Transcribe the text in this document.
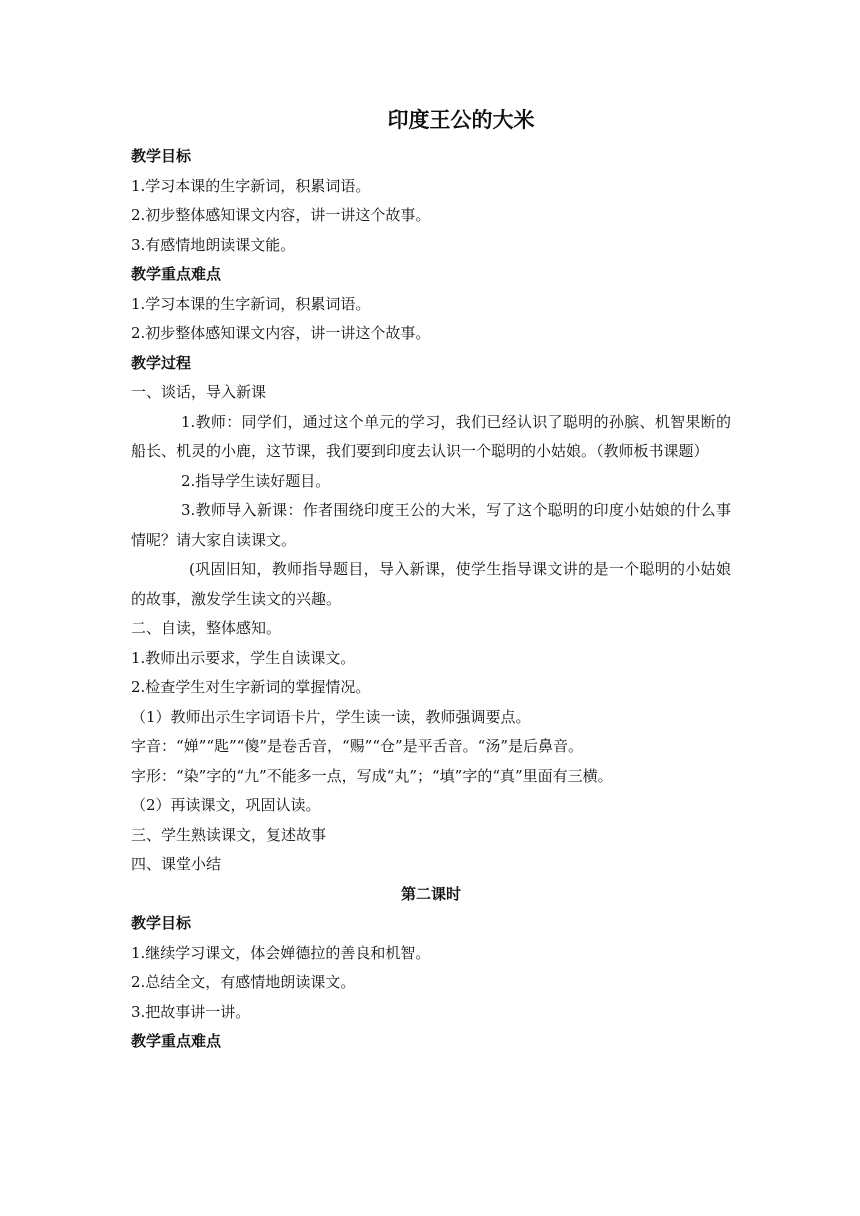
印度王公的大米
教学目标
1.学习本课的生字新词，积累词语。
2.初步整体感知课文内容，讲一讲这个故事。
3.有感情地朗读课文能。
教学重点难点
1.学习本课的生字新词，积累词语。
2.初步整体感知课文内容，讲一讲这个故事。
教学过程
一、谈话，导入新课
1.教师：同学们，通过这个单元的学习，我们已经认识了聪明的孙膑、机智果断的船长、机灵的小鹿，这节课，我们要到印度去认识一个聪明的小姑娘。（教师板书课题）
2.指导学生读好题目。
3.教师导入新课：作者围绕印度王公的大米，写了这个聪明的印度小姑娘的什么事情呢？请大家自读课文。
(巩固旧知，教师指导题目，导入新课，使学生指导课文讲的是一个聪明的小姑娘的故事，激发学生读文的兴趣。
二、自读，整体感知。
1.教师出示要求，学生自读课文。
2.检查学生对生字新词的掌握情况。
（1）教师出示生字词语卡片，学生读一读，教师强调要点。
字音：“婵”“匙”“傻”是卷舌音，“赐”“仓”是平舌音。“汤”是后鼻音。
字形：“染”字的“九”不能多一点，写成“丸”；“填”字的“真”里面有三横。
（2）再读课文，巩固认读。
三、学生熟读课文，复述故事
四、课堂小结
第二课时
教学目标
1.继续学习课文，体会婵德拉的善良和机智。
2.总结全文，有感情地朗读课文。
3.把故事讲一讲。
教学重点难点
